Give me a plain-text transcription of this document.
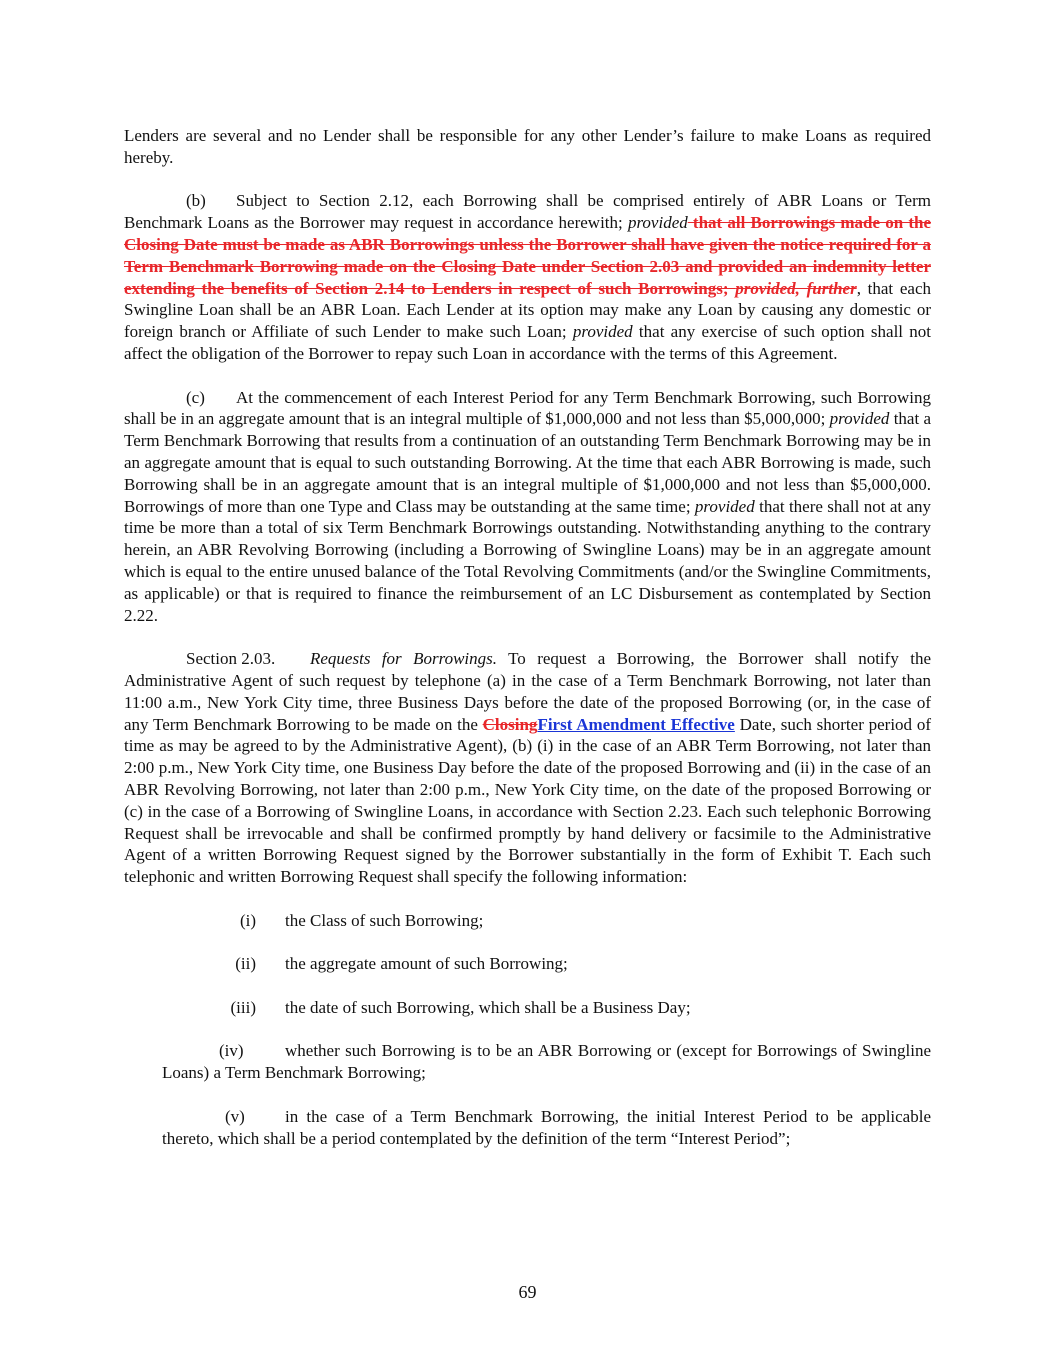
Lenders are several and no Lender shall be responsible for any other Lender’s failure to make Loans as required hereby.

(b) Subject to Section 2.12, each Borrowing shall be comprised entirely of ABR Loans or Term Benchmark Loans as the Borrower may request in accordance herewith; provided that all Borrowings made on the Closing Date must be made as ABR Borrowings unless the Borrower shall have given the notice required for a Term Benchmark Borrowing made on the Closing Date under Section 2.03 and provided an indemnity letter extending the benefits of Section 2.14 to Lenders in respect of such Borrowings; provided, further, that each Swingline Loan shall be an ABR Loan. Each Lender at its option may make any Loan by causing any domestic or foreign branch or Affiliate of such Lender to make such Loan; provided that any exercise of such option shall not affect the obligation of the Borrower to repay such Loan in accordance with the terms of this Agreement.

(c) At the commencement of each Interest Period for any Term Benchmark Borrowing, such Borrowing shall be in an aggregate amount that is an integral multiple of $1,000,000 and not less than $5,000,000; provided that a Term Benchmark Borrowing that results from a continuation of an outstanding Term Benchmark Borrowing may be in an aggregate amount that is equal to such outstanding Borrowing. At the time that each ABR Borrowing is made, such Borrowing shall be in an aggregate amount that is an integral multiple of $1,000,000 and not less than $5,000,000. Borrowings of more than one Type and Class may be outstanding at the same time; provided that there shall not at any time be more than a total of six Term Benchmark Borrowings outstanding. Notwithstanding anything to the contrary herein, an ABR Revolving Borrowing (including a Borrowing of Swingline Loans) may be in an aggregate amount which is equal to the entire unused balance of the Total Revolving Commitments (and/or the Swingline Commitments, as applicable) or that is required to finance the reimbursement of an LC Disbursement as contemplated by Section 2.22.

Section 2.03. Requests for Borrowings. To request a Borrowing, the Borrower shall notify the Administrative Agent of such request by telephone (a) in the case of a Term Benchmark Borrowing, not later than 11:00 a.m., New York City time, three Business Days before the date of the proposed Borrowing (or, in the case of any Term Benchmark Borrowing to be made on the ClosingFirst Amendment Effective Date, such shorter period of time as may be agreed to by the Administrative Agent), (b) (i) in the case of an ABR Term Borrowing, not later than 2:00 p.m., New York City time, one Business Day before the date of the proposed Borrowing and (ii) in the case of an ABR Revolving Borrowing, not later than 2:00 p.m., New York City time, on the date of the proposed Borrowing or (c) in the case of a Borrowing of Swingline Loans, in accordance with Section 2.23. Each such telephonic Borrowing Request shall be irrevocable and shall be confirmed promptly by hand delivery or facsimile to the Administrative Agent of a written Borrowing Request signed by the Borrower substantially in the form of Exhibit T. Each such telephonic and written Borrowing Request shall specify the following information:

(i)	the Class of such Borrowing;
(ii)	the aggregate amount of such Borrowing;
(iii)	the date of such Borrowing, which shall be a Business Day;

(iv) whether such Borrowing is to be an ABR Borrowing or (except for Borrowings of Swingline Loans) a Term Benchmark Borrowing;

(v) in the case of a Term Benchmark Borrowing, the initial Interest Period to be applicable thereto, which shall be a period contemplated by the definition of the term “Interest Period”;

69
